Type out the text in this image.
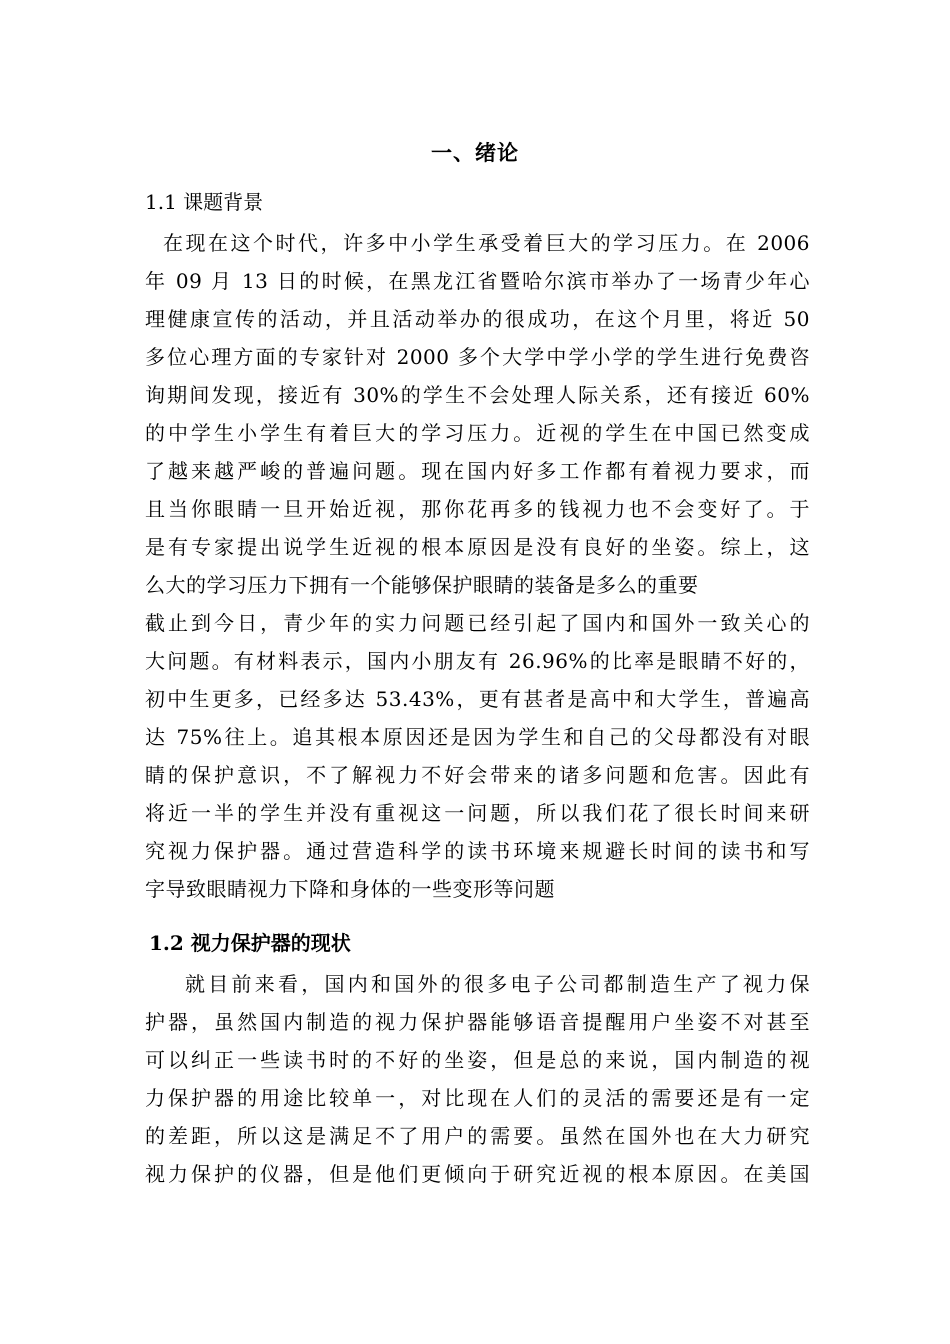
一、绪论
1.1 课题背景
在现在这个时代，许多中小学生承受着巨大的学习压力。在 2006
年 09 月 13 日的时候，在黑龙江省暨哈尔滨市举办了一场青少年心
理健康宣传的活动，并且活动举办的很成功，在这个月里，将近 50
多位心理方面的专家针对 2000 多个大学中学小学的学生进行免费咨
询期间发现，接近有 30%的学生不会处理人际关系，还有接近 60%
的中学生小学生有着巨大的学习压力。近视的学生在中国已然变成
了越来越严峻的普遍问题。现在国内好多工作都有着视力要求，而
且当你眼睛一旦开始近视，那你花再多的钱视力也不会变好了。于
是有专家提出说学生近视的根本原因是没有良好的坐姿。综上，这
么大的学习压力下拥有一个能够保护眼睛的装备是多么的重要
截止到今日，青少年的实力问题已经引起了国内和国外一致关心的
大问题。有材料表示，国内小朋友有 26.96%的比率是眼睛不好的，
初中生更多，已经多达 53.43%，更有甚者是高中和大学生，普遍高
达 75%往上。追其根本原因还是因为学生和自己的父母都没有对眼
睛的保护意识，不了解视力不好会带来的诸多问题和危害。因此有
将近一半的学生并没有重视这一问题，所以我们花了很长时间来研
究视力保护器。通过营造科学的读书环境来规避长时间的读书和写
字导致眼睛视力下降和身体的一些变形等问题
1.2 视力保护器的现状
就目前来看，国内和国外的很多电子公司都制造生产了视力保
护器，虽然国内制造的视力保护器能够语音提醒用户坐姿不对甚至
可以纠正一些读书时的不好的坐姿，但是总的来说，国内制造的视
力保护器的用途比较单一，对比现在人们的灵活的需要还是有一定
的差距，所以这是满足不了用户的需要。虽然在国外也在大力研究
视力保护的仪器，但是他们更倾向于研究近视的根本原因。在美国
